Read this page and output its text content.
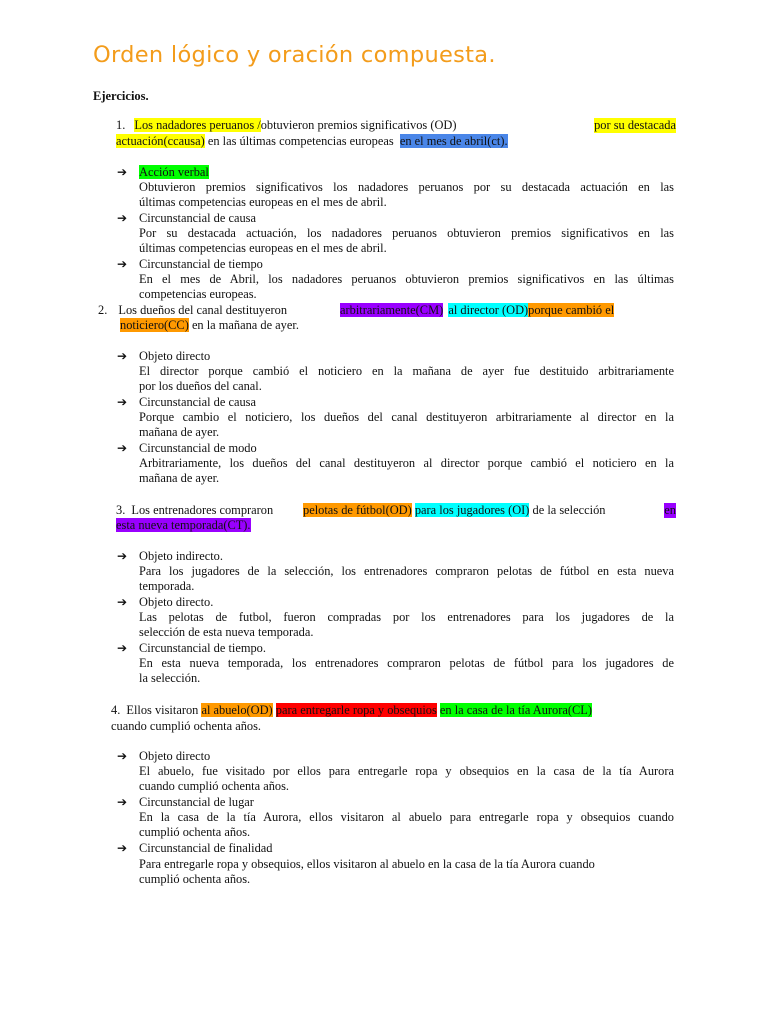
Orden lógico y oración compuesta.
Ejercicios.
1. Los nadadores peruanos /obtuvieron premios significativos (OD)	por su destacada
actuación(ccausa) en las últimas competencias europeas en el mes de abril(ct).
➔ Acción verbal
Obtuvieron premios significativos los nadadores peruanos por su destacada actuación en las
últimas competencias europeas en el mes de abril.
➔ Circunstancial de causa
Por su destacada actuación, los nadadores peruanos obtuvieron premios significativos en las
últimas competencias europeas en el mes de abril.
➔ Circunstancial de tiempo
En el mes de Abril, los nadadores peruanos obtuvieron premios significativos en las últimas
competencias europeas.
2. Los dueños del canal destituyeron	arbitrariamente(CM) al director (OD)porque cambió el
noticiero(CC) en la mañana de ayer.
➔ Objeto directo
El director porque cambió el noticiero en la mañana de ayer fue destituido arbitrariamente
por los dueños del canal.
➔ Circunstancial de causa
Porque cambio el noticiero, los dueños del canal destituyeron arbitrariamente al director en la
mañana de ayer.
➔ Circunstancial de modo
Arbitrariamente, los dueños del canal destituyeron al director porque cambió el noticiero en la
mañana de ayer.
3. Los entrenadores compraron pelotas de fútbol(OD) para los jugadores (OI) de la selección	en
esta nueva temporada(CT).
➔ Objeto indirecto.
Para los jugadores de la selección, los entrenadores compraron pelotas de fútbol en esta nueva
temporada.
➔ Objeto directo.
Las pelotas de futbol, fueron compradas por los entrenadores para los jugadores de la
selección de esta nueva temporada.
➔ Circunstancial de tiempo.
En esta nueva temporada, los entrenadores compraron pelotas de fútbol para los jugadores de
la selección.
4. Ellos visitaron al abuelo(OD) para entregarle ropa y obsequios en la casa de la tía Aurora(CL)
cuando cumplió ochenta años.
➔ Objeto directo
El abuelo, fue visitado por ellos para entregarle ropa y obsequios en la casa de la tía Aurora
cuando cumplió ochenta años.
➔ Circunstancial de lugar
En la casa de la tía Aurora, ellos visitaron al abuelo para entregarle ropa y obsequios cuando
cumplió ochenta años.
➔ Circunstancial de finalidad
Para entregarle ropa y obsequios, ellos visitaron al abuelo en la casa de la tía Aurora cuando
cumplió ochenta años.
